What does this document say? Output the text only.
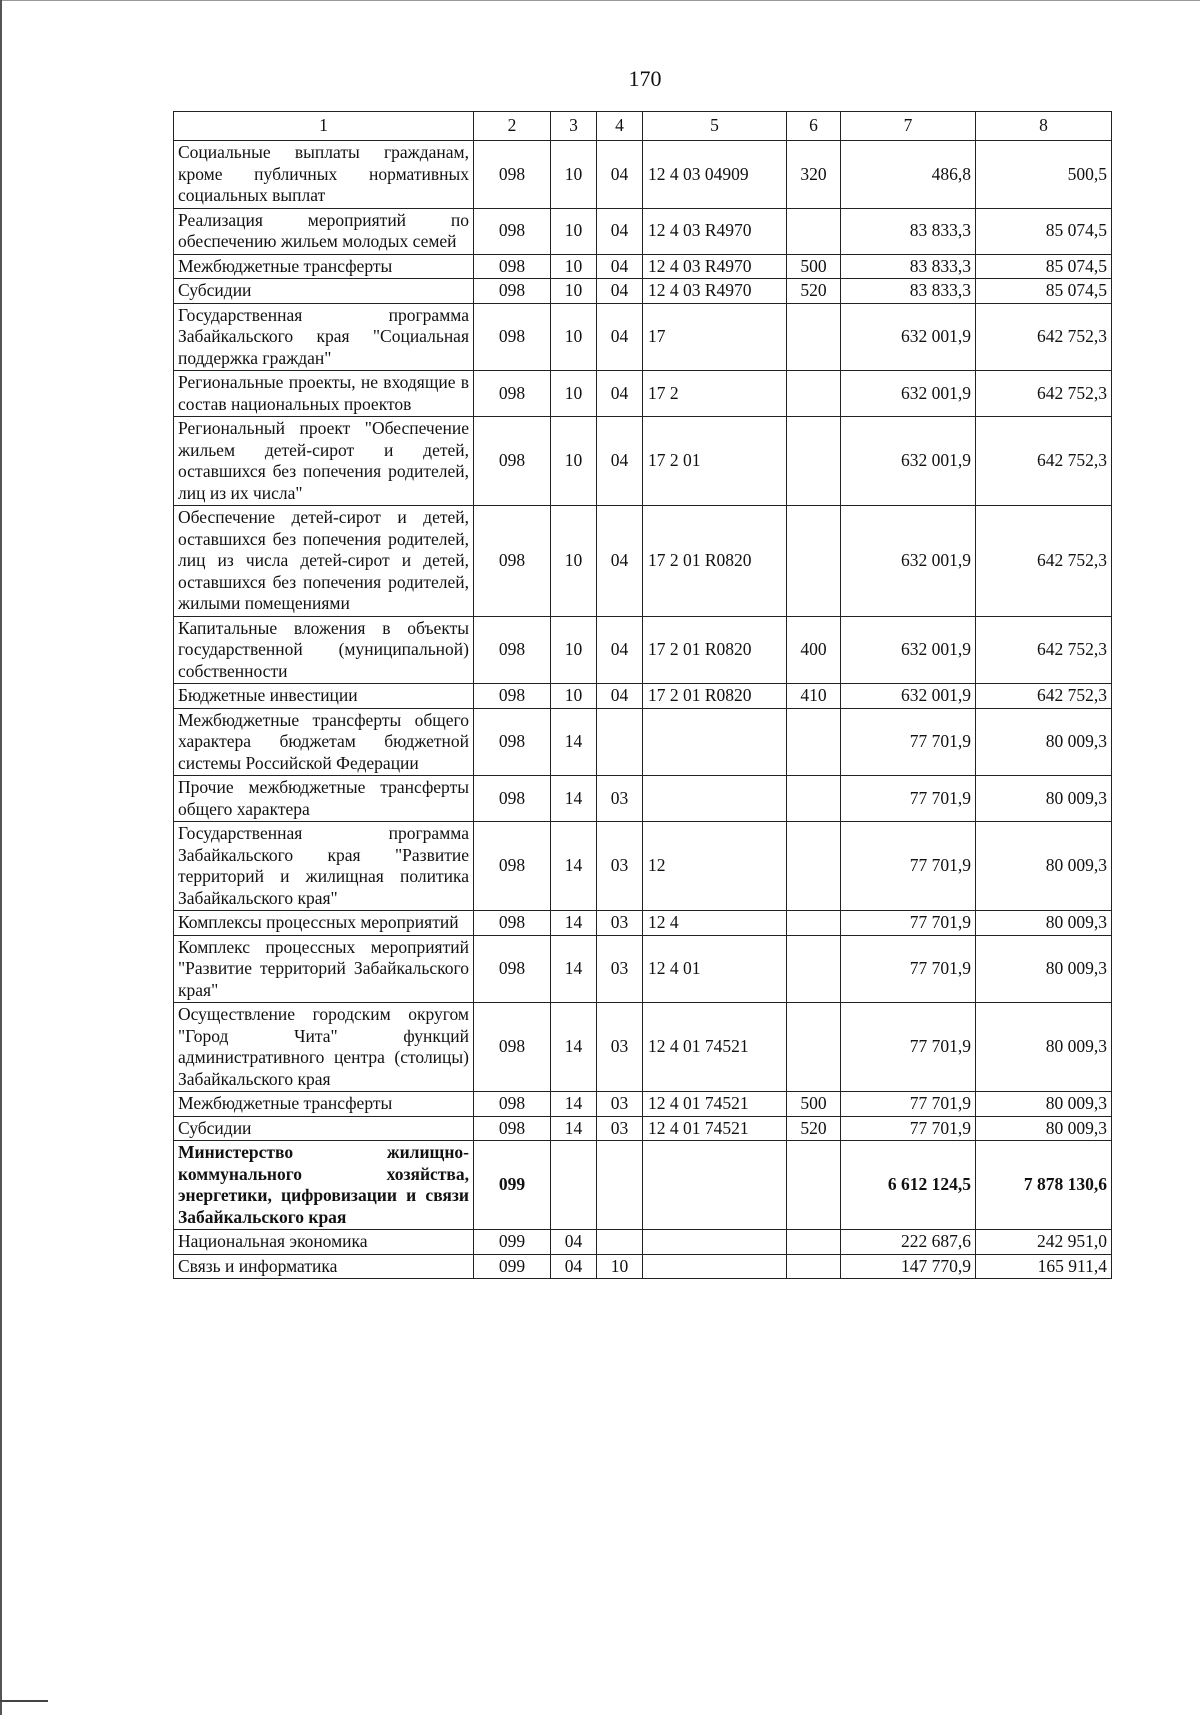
170
1	2	3	4	5	6	7	8
Социальные выплаты гражданам, кроме публичных нормативных социальных выплат	098	10	04	12 4 03 04909	320	486,8	500,5
Реализация мероприятий по обеспечению жильем молодых семей	098	10	04	12 4 03 R4970		83 833,3	85 074,5
Межбюджетные трансферты	098	10	04	12 4 03 R4970	500	83 833,3	85 074,5
Субсидии	098	10	04	12 4 03 R4970	520	83 833,3	85 074,5
Государственная программа Забайкальского края "Социальная поддержка граждан"	098	10	04	17		632 001,9	642 752,3
Региональные проекты, не входящие в состав национальных проектов	098	10	04	17 2		632 001,9	642 752,3
Региональный проект "Обеспечение жильем детей-сирот и детей, оставшихся без попечения родителей, лиц из их числа"	098	10	04	17 2 01		632 001,9	642 752,3
Обеспечение детей-сирот и детей, оставшихся без попечения родителей, лиц из числа детей-сирот и детей, оставшихся без попечения родителей, жилыми помещениями	098	10	04	17 2 01 R0820		632 001,9	642 752,3
Капитальные вложения в объекты государственной (муниципальной) собственности	098	10	04	17 2 01 R0820	400	632 001,9	642 752,3
Бюджетные инвестиции	098	10	04	17 2 01 R0820	410	632 001,9	642 752,3
Межбюджетные трансферты общего характера бюджетам бюджетной системы Российской Федерации	098	14				77 701,9	80 009,3
Прочие межбюджетные трансферты общего характера	098	14	03			77 701,9	80 009,3
Государственная программа Забайкальского края "Развитие территорий и жилищная политика Забайкальского края"	098	14	03	12		77 701,9	80 009,3
Комплексы процессных мероприятий	098	14	03	12 4		77 701,9	80 009,3
Комплекс процессных мероприятий "Развитие территорий Забайкальского края"	098	14	03	12 4 01		77 701,9	80 009,3
Осуществление городским округом "Город Чита" функций административного центра (столицы) Забайкальского края	098	14	03	12 4 01 74521		77 701,9	80 009,3
Межбюджетные трансферты	098	14	03	12 4 01 74521	500	77 701,9	80 009,3
Субсидии	098	14	03	12 4 01 74521	520	77 701,9	80 009,3
Министерство жилищно-коммунального хозяйства, энергетики, цифровизации и связи Забайкальского края	099					6 612 124,5	7 878 130,6
Национальная экономика	099	04				222 687,6	242 951,0
Связь и информатика	099	04	10			147 770,9	165 911,4
